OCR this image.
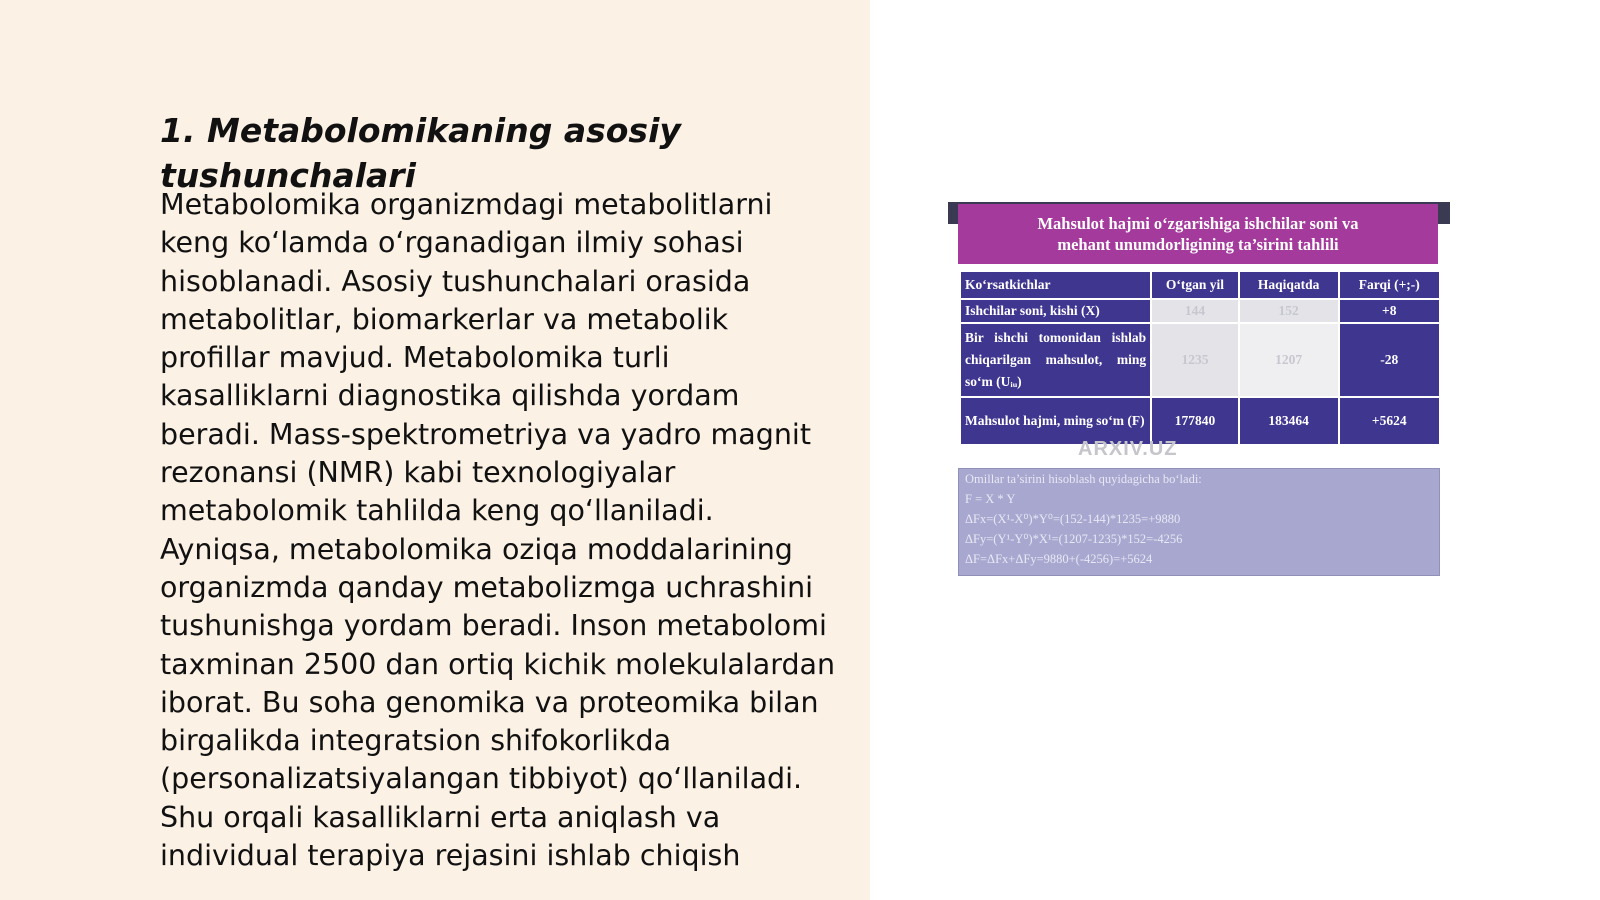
1. Metabolomikaning asosiy tushunchalari

Metabolomika organizmdagi metabolitlarni keng ko‘lamda o‘rganadigan ilmiy sohasi hisoblanadi. Asosiy tushunchalari orasida metabolitlar, biomarkerlar va metabolik profillar mavjud. Metabolomika turli kasalliklarni diagnostika qilishda yordam beradi. Mass-spektrometriya va yadro magnit rezonansi (NMR) kabi texnologiyalar metabolomik tahlilda keng qo‘llaniladi. Ayniqsa, metabolomika oziqa moddalarining organizmda qanday metabolizmga uchrashini tushunishga yordam beradi. Inson metabolomi taxminan 2500 dan ortiq kichik molekulalardan iborat. Bu soha genomika va proteomika bilan birgalikda integratsion shifokorlikda (personalizatsiyalangan tibbiyot) qo‘llaniladi. Shu orqali kasalliklarni erta aniqlash va individual terapiya rejasini ishlab chiqish

Mahsulot hajmi o‘zgarishiga ishchilar soni va
mehant unumdorligining ta’sirini tahlili
Ko‘rsatkichlar	O‘tgan yil	Haqiqatda	Farqi (+;-)
Ishchilar soni, kishi (X)	144	152	+8
Bir ishchi tomonidan ishlab chiqarilgan mahsulot, ming so‘m (Uᵢᵤ)	1235	1207	-28
Mahsulot hajmi, ming so‘m (F)	177840	183464	+5624
ARXIV.UZ
Omillar ta’sirini hisoblash quyidagicha bo‘ladi:
F = X * Y
ΔFx=(X¹-X⁰)*Y⁰=(152-144)*1235=+9880
ΔFy=(Y¹-Y⁰)*X¹=(1207-1235)*152=-4256
ΔF=ΔFx+ΔFy=9880+(-4256)=+5624
